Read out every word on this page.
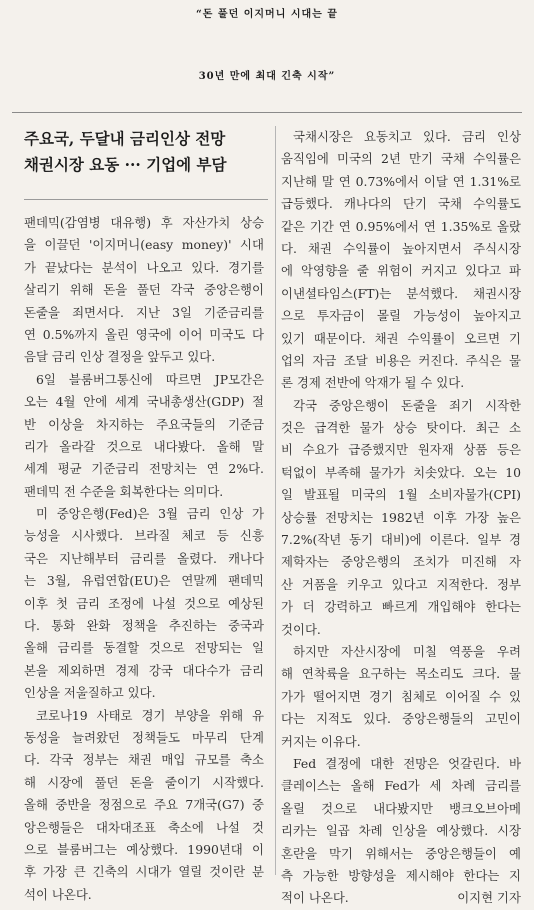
“돈 풀던 이지머니 시대는 끝
30년 만에 최대 긴축 시작”
주요국, 두달내 금리인상 전망
채권시장 요동 ··· 기업에 부담
팬데믹(감염병 대유행) 후 자산가치 상승
을 이끌던 '이지머니(easy money)' 시대
가 끝났다는 분석이 나오고 있다. 경기를
살리기 위해 돈을 풀던 각국 중앙은행이
돈줄을 죄면서다. 지난 3일 기준금리를
연 0.5%까지 올린 영국에 이어 미국도 다
음달 금리 인상 결정을 앞두고 있다.
6일 블룸버그통신에 따르면 JP모간은
오는 4월 안에 세계 국내총생산(GDP) 절
반 이상을 차지하는 주요국들의 기준금
리가 올라갈 것으로 내다봤다. 올해 말
세계 평균 기준금리 전망치는 연 2%다.
팬데믹 전 수준을 회복한다는 의미다.
미 중앙은행(Fed)은 3월 금리 인상 가
능성을 시사했다. 브라질 체코 등 신흥
국은 지난해부터 금리를 올렸다. 캐나다
는 3월, 유럽연합(EU)은 연말께 팬데믹
이후 첫 금리 조정에 나설 것으로 예상된
다. 통화 완화 정책을 추진하는 중국과
올해 금리를 동결할 것으로 전망되는 일
본을 제외하면 경제 강국 대다수가 금리
인상을 저울질하고 있다.
코로나19 사태로 경기 부양을 위해 유
동성을 늘려왔던 정책들도 마무리 단계
다. 각국 정부는 채권 매입 규모를 축소
해 시장에 풀던 돈을 줄이기 시작했다.
올해 중반을 정점으로 주요 7개국(G7) 중
앙은행들은 대차대조표 축소에 나설 것
으로 블룸버그는 예상했다. 1990년대 이
후 가장 큰 긴축의 시대가 열릴 것이란 분
석이 나온다.
국채시장은 요동치고 있다. 금리 인상
움직임에 미국의 2년 만기 국채 수익률은
지난해 말 연 0.73%에서 이달 연 1.31%로
급등했다. 캐나다의 단기 국채 수익률도
같은 기간 연 0.95%에서 연 1.35%로 올랐
다. 채권 수익률이 높아지면서 주식시장
에 악영향을 줄 위험이 커지고 있다고 파
이낸셜타임스(FT)는 분석했다. 채권시장
으로 투자금이 몰릴 가능성이 높아지고
있기 때문이다. 채권 수익률이 오르면 기
업의 자금 조달 비용은 커진다. 주식은 물
론 경제 전반에 악재가 될 수 있다.
각국 중앙은행이 돈줄을 죄기 시작한
것은 급격한 물가 상승 탓이다. 최근 소
비 수요가 급증했지만 원자재 상품 등은
턱없이 부족해 물가가 치솟았다. 오는 10
일 발표될 미국의 1월 소비자물가(CPI)
상승률 전망치는 1982년 이후 가장 높은
7.2%(작년 동기 대비)에 이른다. 일부 경
제학자는 중앙은행의 조치가 미진해 자
산 거품을 키우고 있다고 지적한다. 정부
가 더 강력하고 빠르게 개입해야 한다는
것이다.
하지만 자산시장에 미칠 역풍을 우려
해 연착륙을 요구하는 목소리도 크다. 물
가가 떨어지면 경기 침체로 이어질 수 있
다는 지적도 있다. 중앙은행들의 고민이
커지는 이유다.
Fed 결정에 대한 전망은 엇갈린다. 바
클레이스는 올해 Fed가 세 차례 금리를
올릴 것으로 내다봤지만 뱅크오브아메
리카는 일곱 차례 인상을 예상했다. 시장
혼란을 막기 위해서는 중앙은행들이 예
측 가능한 방향성을 제시해야 한다는 지
적이 나온다.	이지현 기자
